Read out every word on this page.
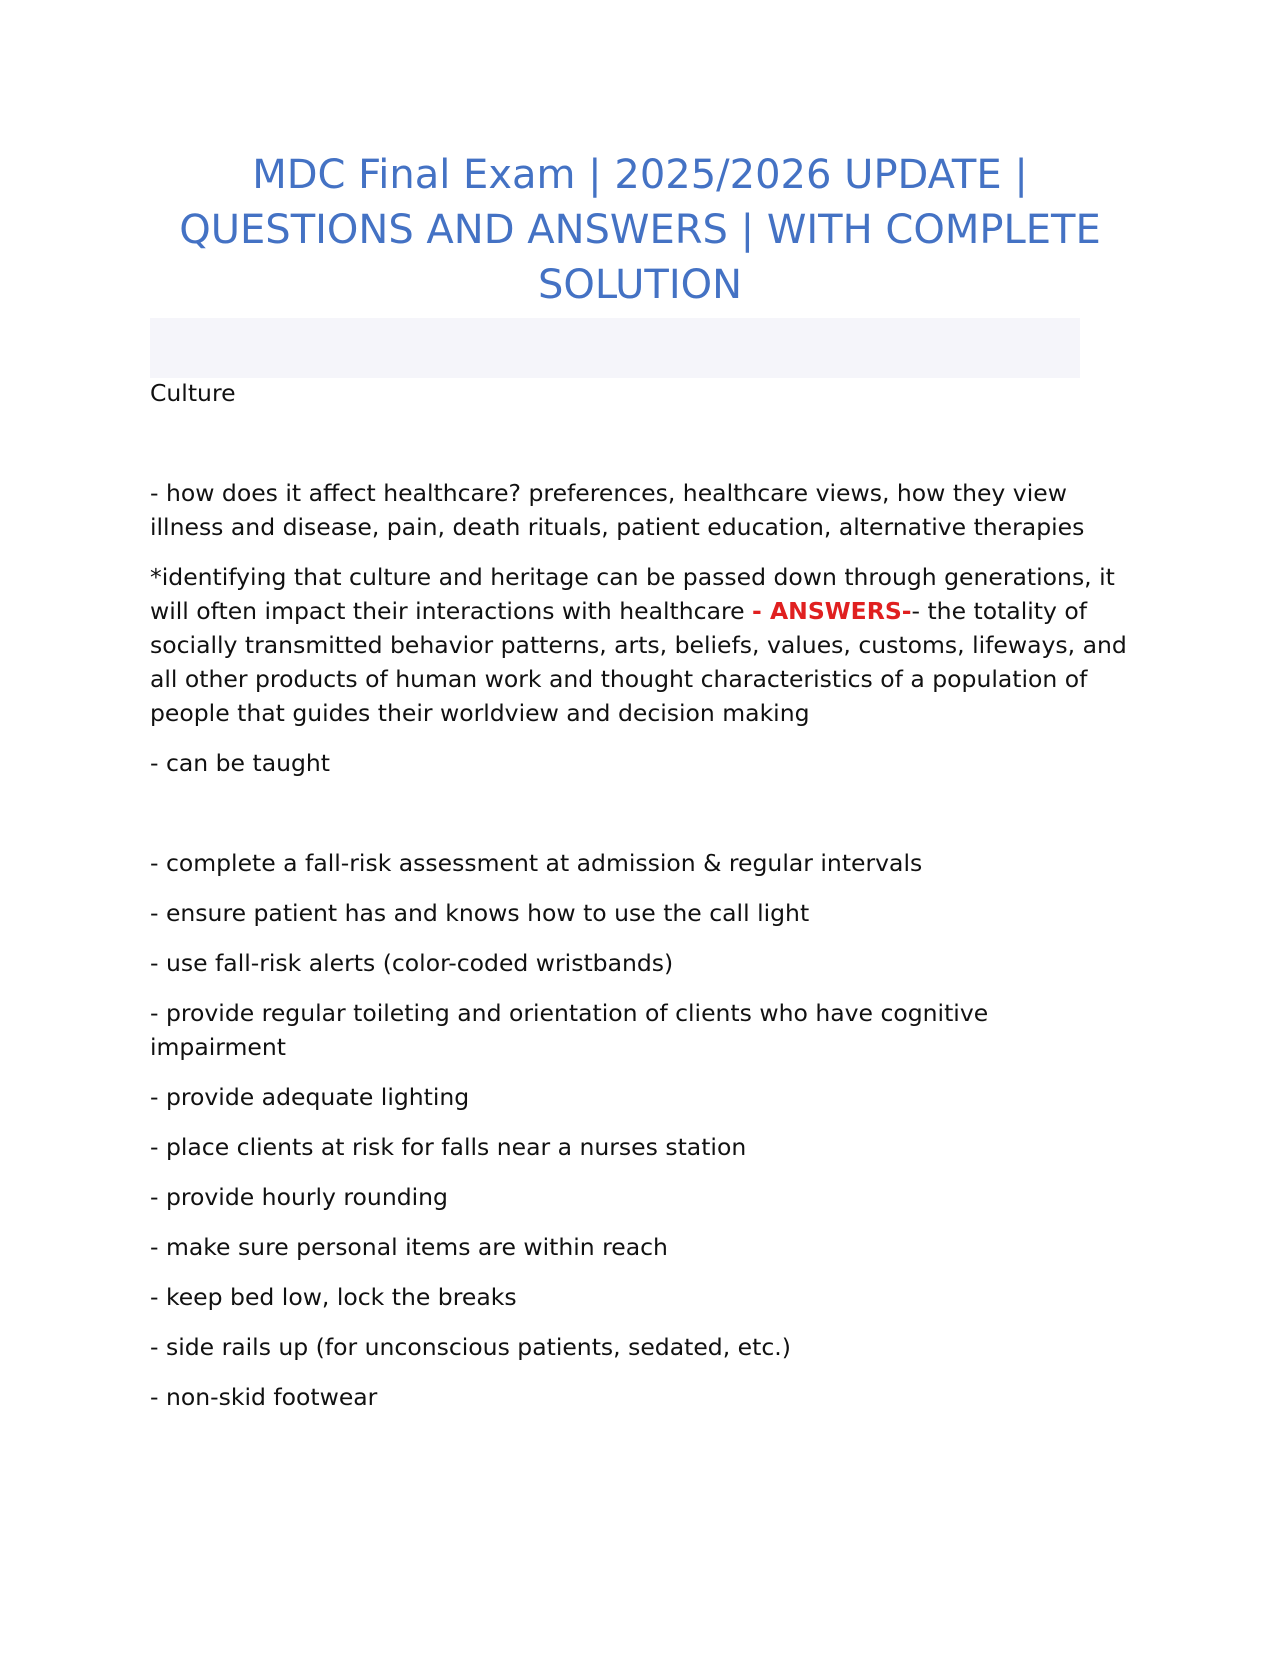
MDC Final Exam | 2025/2026 UPDATE | QUESTIONS AND ANSWERS | WITH COMPLETE SOLUTION

Culture

- how does it affect healthcare? preferences, healthcare views, how they view illness and disease, pain, death rituals, patient education, alternative therapies

*identifying that culture and heritage can be passed down through generations, it will often impact their interactions with healthcare - ANSWERS-- the totality of socially transmitted behavior patterns, arts, beliefs, values, customs, lifeways, and all other products of human work and thought characteristics of a population of people that guides their worldview and decision making

- can be taught

- complete a fall-risk assessment at admission & regular intervals

- ensure patient has and knows how to use the call light

- use fall-risk alerts (color-coded wristbands)

- provide regular toileting and orientation of clients who have cognitive impairment

- provide adequate lighting

- place clients at risk for falls near a nurses station

- provide hourly rounding

- make sure personal items are within reach

- keep bed low, lock the breaks

- side rails up (for unconscious patients, sedated, etc.)

- non-skid footwear
